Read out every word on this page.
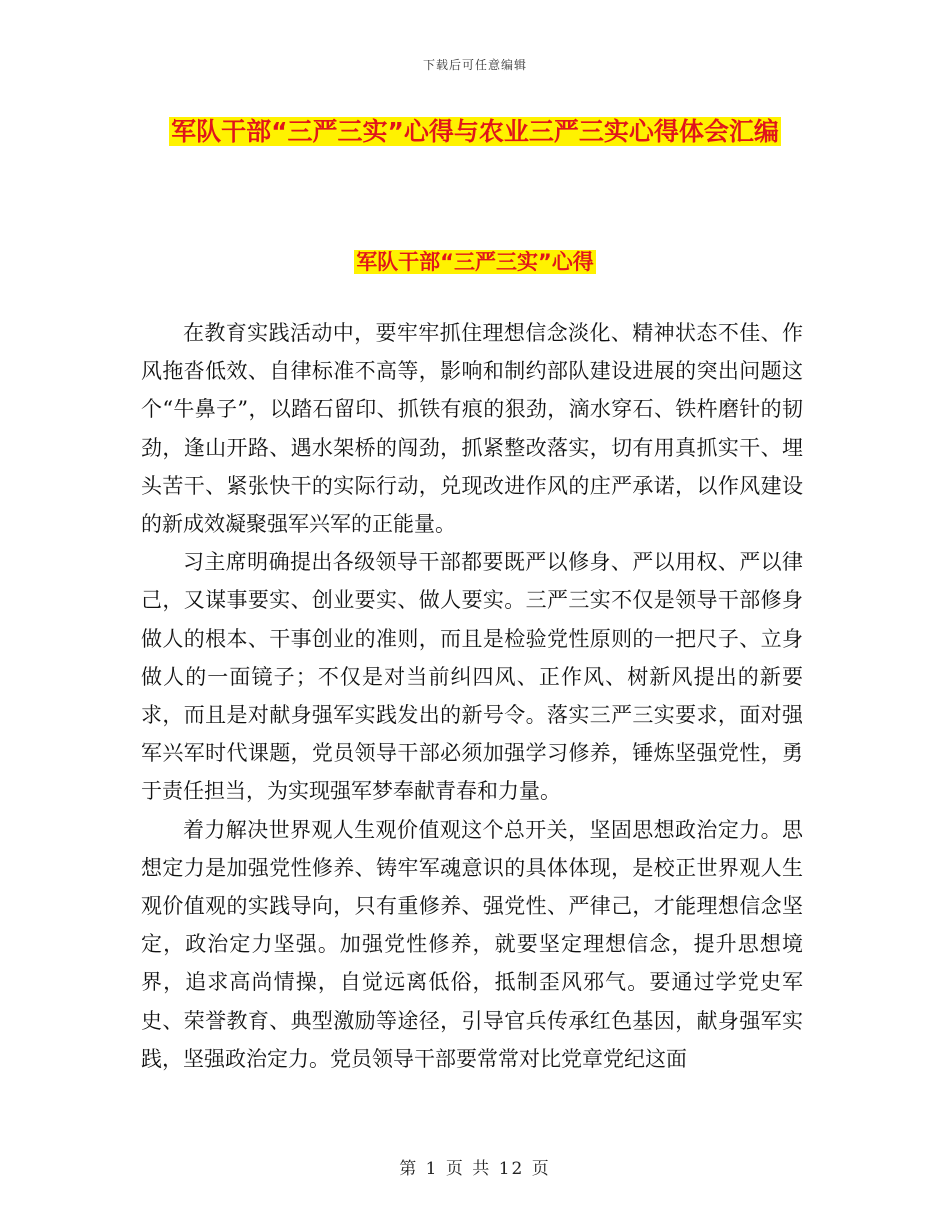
下载后可任意编辑
军队干部“三严三实”心得与农业三严三实心得体会汇编
军队干部“三严三实”心得

在教育实践活动中，要牢牢抓住理想信念淡化、精神状态不佳、作风拖沓低效、自律标准不高等，影响和制约部队建设进展的突出问题这个“牛鼻子”，以踏石留印、抓铁有痕的狠劲，滴水穿石、铁杵磨针的韧劲，逢山开路、遇水架桥的闯劲，抓紧整改落实，切有用真抓实干、埋头苦干、紧张快干的实际行动，兑现改进作风的庄严承诺，以作风建设的新成效凝聚强军兴军的正能量。

习主席明确提出各级领导干部都要既严以修身、严以用权、严以律己，又谋事要实、创业要实、做人要实。三严三实不仅是领导干部修身做人的根本、干事创业的准则，而且是检验党性原则的一把尺子、立身做人的一面镜子；不仅是对当前纠四风、正作风、树新风提出的新要求，而且是对献身强军实践发出的新号令。落实三严三实要求，面对强军兴军时代课题，党员领导干部必须加强学习修养，锤炼坚强党性，勇于责任担当，为实现强军梦奉献青春和力量。

着力解决世界观人生观价值观这个总开关，坚固思想政治定力。思想定力是加强党性修养、铸牢军魂意识的具体体现，是校正世界观人生观价值观的实践导向，只有重修养、强党性、严律己，才能理想信念坚定，政治定力坚强。加强党性修养，就要坚定理想信念，提升思想境界，追求高尚情操，自觉远离低俗，抵制歪风邪气。要通过学党史军史、荣誉教育、典型激励等途径，引导官兵传承红色基因，献身强军实践，坚强政治定力。党员领导干部要常常对比党章党纪这面

第 1 页 共 12 页
